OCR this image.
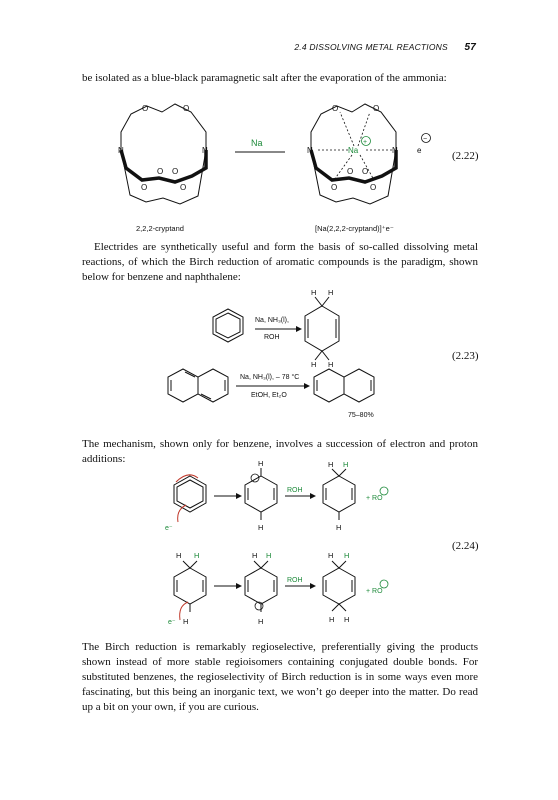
2.4 DISSOLVING METAL REACTIONS 57
be isolated as a blue-black paramagnetic salt after the evaporation of the ammonia:
O	O
N	N
O O
O	O
O	O
N	N
O O
O	O
Na
+	−
e
Na
(2.22)
2,2,2-cryptand	[Na(2,2,2-cryptand)]⁺e⁻
Electrides are synthetically useful and form the basis of so-called dissolving metal reactions, of which the Birch reduction of aromatic compounds is the paradigm, shown below for benzene and naphthalene:
H H
H H
Na, NH₃(l),
ROH
Na, NH₃(l), – 78 °C
EtOH, Et₂O
75–80%
(2.23)
The mechanism, shown only for benzene, involves a succession of electron and proton additions:	H
H
H H
H
ROH
+ RO
e⁻
H H	H H	H H
H	H	H H
ROH
+ RO
e⁻
(2.24)
The Birch reduction is remarkably regioselective, preferentially giving the products shown instead of more stable regioisomers containing conjugated double bonds. For substituted benzenes, the regioselectivity of Birch reduction is in some ways even more fascinating, but this being an inorganic text, we won’t go deeper into the matter. Do read up a bit on your own, if you are curious.
